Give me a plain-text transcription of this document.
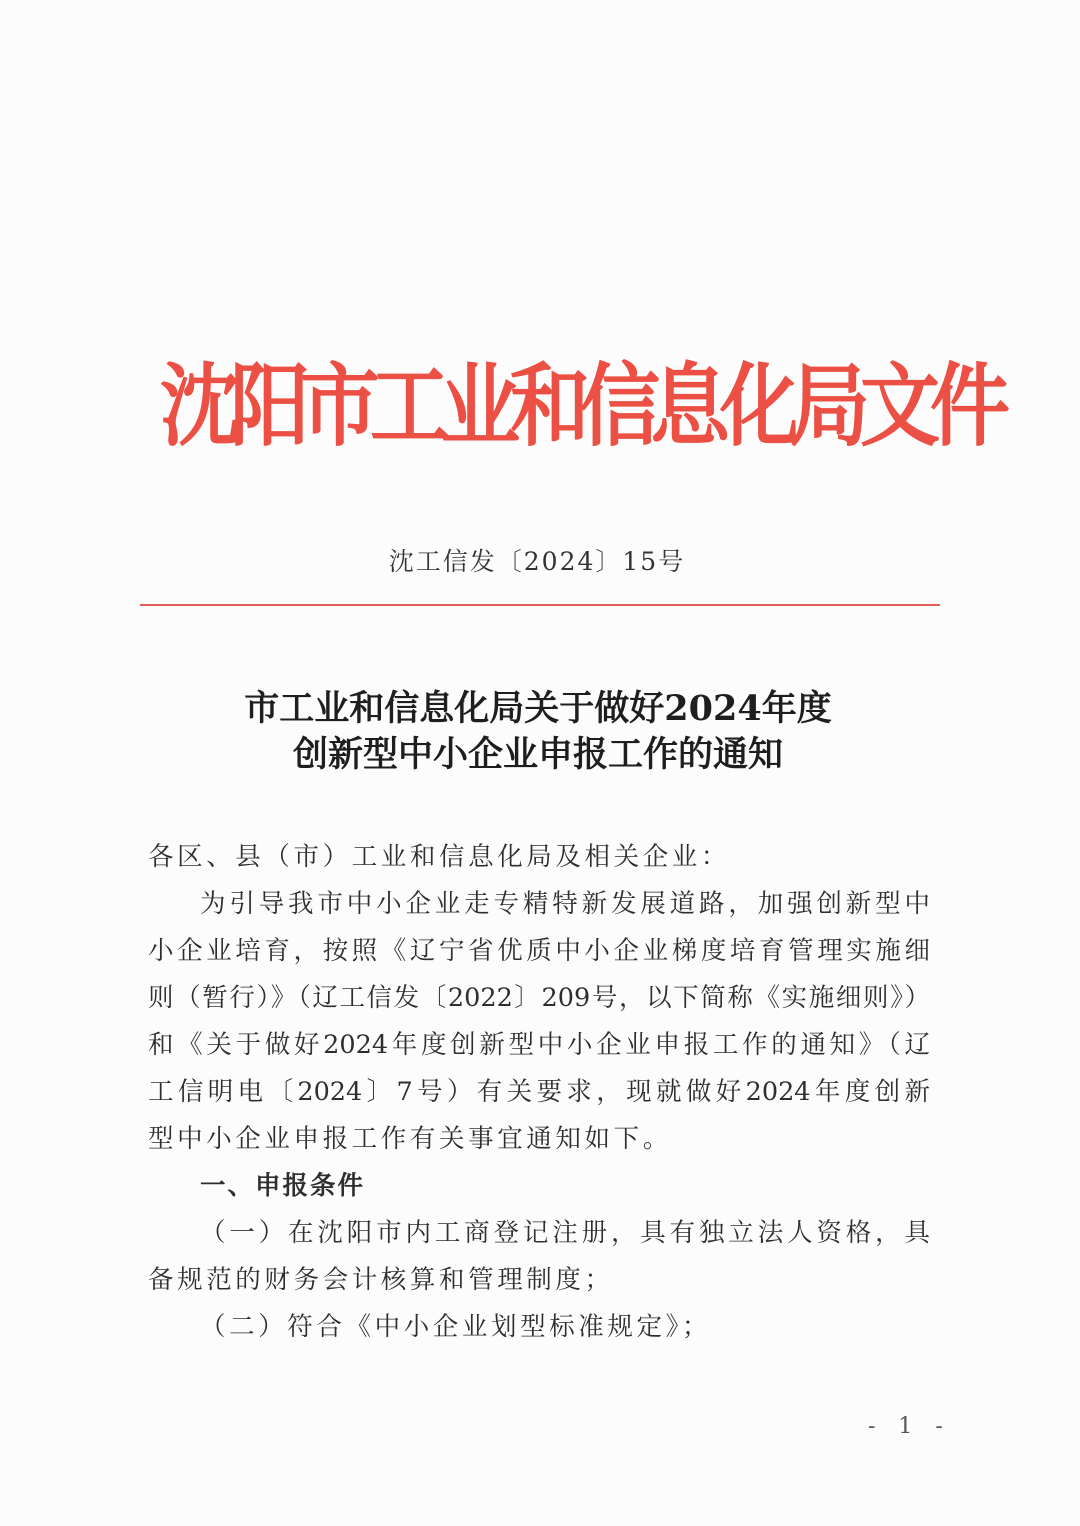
沈
阳
市
工
业
和
信
息
化
局
文
件
沈工信发〔2024〕15号
市工业和信息化局关于做好2024年度
创新型中小企业申报工作的通知
各区、县（市）工业和信息化局及相关企业：
为引导我市中小企业走专精特新发展道路，加强创新型中
小企业培育，按照《辽宁省优质中小企业梯度培育管理实施细
则（暂行）》（辽工信发〔2022〕209号，以下简称《实施细则》）
和《关于做好2024年度创新型中小企业申报工作的通知》（辽
工信明电〔2024〕7号）有关要求，现就做好2024年度创新
型中小企业申报工作有关事宜通知如下。
一、申报条件
（一）在沈阳市内工商登记注册，具有独立法人资格，具
备规范的财务会计核算和管理制度；
（二）符合《中小企业划型标准规定》；
- 1 -
